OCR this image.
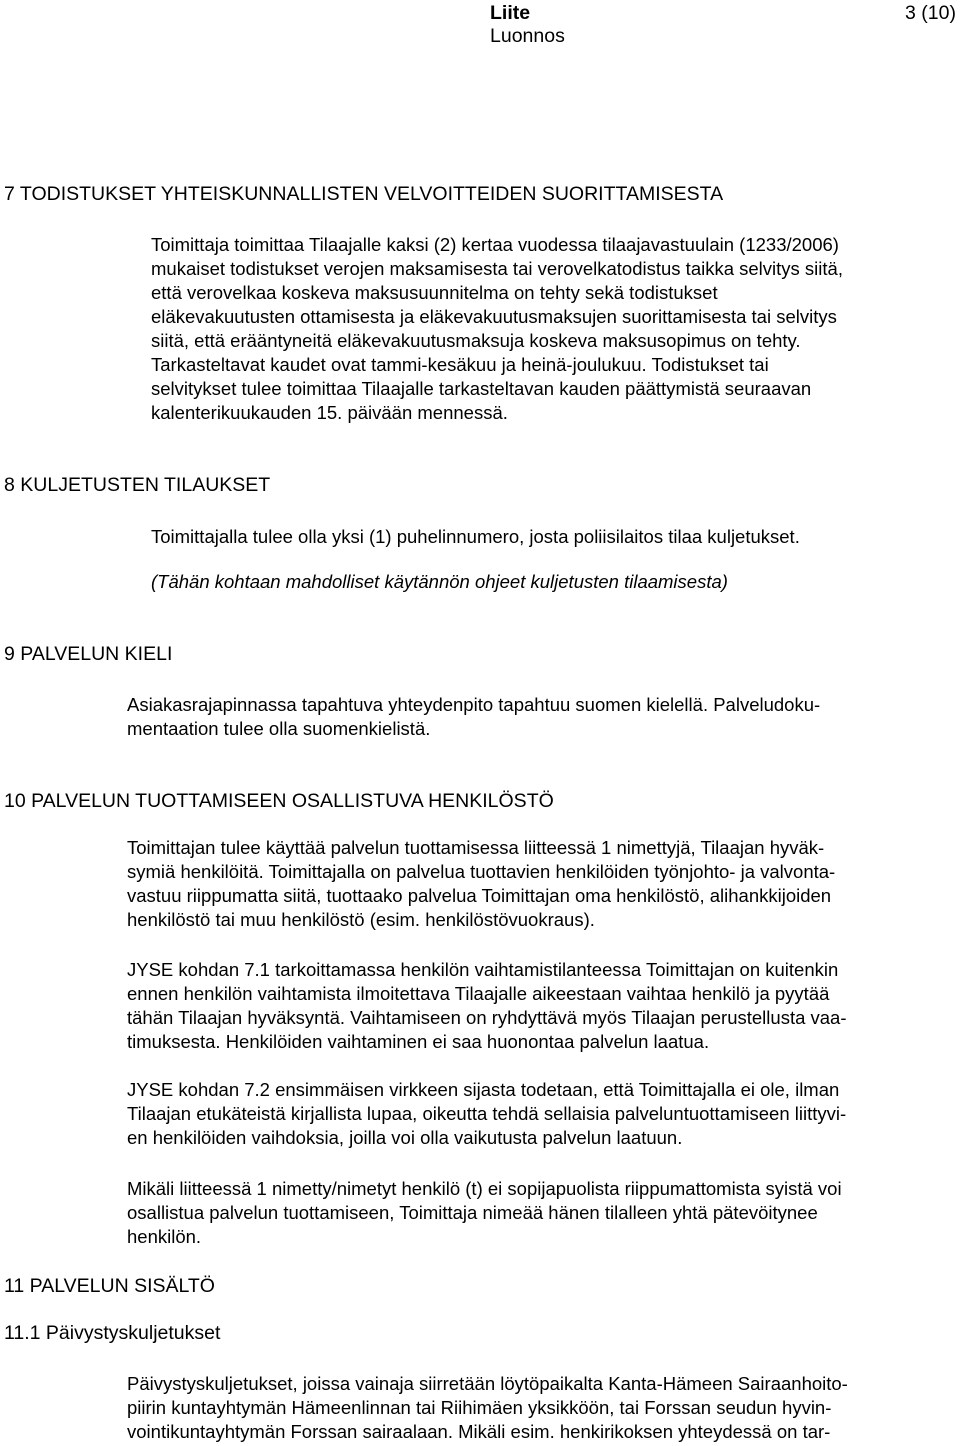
Liite
Luonnos
3 (10)
7 TODISTUKSET YHTEISKUNNALLISTEN VELVOITTEIDEN SUORITTAMISESTA
Toimittaja toimittaa Tilaajalle kaksi (2) kertaa vuodessa tilaajavastuulain (1233/2006)
mukaiset todistukset verojen maksamisesta tai verovelkatodistus taikka selvitys siitä,
että verovelkaa koskeva maksusuunnitelma on tehty sekä todistukset
eläkevakuutusten ottamisesta ja eläkevakuutusmaksujen suorittamisesta tai selvitys
siitä, että erääntyneitä eläkevakuutusmaksuja koskeva maksusopimus on tehty.
Tarkasteltavat kaudet ovat tammi-kesäkuu ja heinä-joulukuu. Todistukset tai
selvitykset tulee toimittaa Tilaajalle tarkasteltavan kauden päättymistä seuraavan
kalenterikuukauden 15. päivään mennessä.
8 KULJETUSTEN TILAUKSET
Toimittajalla tulee olla yksi (1) puhelinnumero, josta poliisilaitos tilaa kuljetukset.
(Tähän kohtaan mahdolliset käytännön ohjeet kuljetusten tilaamisesta)
9 PALVELUN KIELI
Asiakasrajapinnassa tapahtuva yhteydenpito tapahtuu suomen kielellä. Palveludoku-
mentaation tulee olla suomenkielistä.
10 PALVELUN TUOTTAMISEEN OSALLISTUVA HENKILÖSTÖ
Toimittajan tulee käyttää palvelun tuottamisessa liitteessä 1 nimettyjä, Tilaajan hyväk-
symiä henkilöitä. Toimittajalla on palvelua tuottavien henkilöiden työnjohto- ja valvonta-
vastuu riippumatta siitä, tuottaako palvelua Toimittajan oma henkilöstö, alihankkijoiden
henkilöstö tai muu henkilöstö (esim. henkilöstövuokraus).
JYSE kohdan 7.1 tarkoittamassa henkilön vaihtamistilanteessa Toimittajan on kuitenkin
ennen henkilön vaihtamista ilmoitettava Tilaajalle aikeestaan vaihtaa henkilö ja pyytää
tähän Tilaajan hyväksyntä. Vaihtamiseen on ryhdyttävä myös Tilaajan perustellusta vaa-
timuksesta. Henkilöiden vaihtaminen ei saa huonontaa palvelun laatua.
JYSE kohdan 7.2 ensimmäisen virkkeen sijasta todetaan, että Toimittajalla ei ole, ilman
Tilaajan etukäteistä kirjallista lupaa, oikeutta tehdä sellaisia palveluntuottamiseen liittyvi-
en henkilöiden vaihdoksia, joilla voi olla vaikutusta palvelun laatuun.
Mikäli liitteessä 1 nimetty/nimetyt henkilö (t) ei sopijapuolista riippumattomista syistä voi
osallistua palvelun tuottamiseen, Toimittaja nimeää hänen tilalleen yhtä pätevöitynee
henkilön.
11 PALVELUN SISÄLTÖ
11.1 Päivystyskuljetukset
Päivystyskuljetukset, joissa vainaja siirretään löytöpaikalta Kanta-Hämeen Sairaanhoito-
piirin kuntayhtymän Hämeenlinnan tai Riihimäen yksikköön, tai Forssan seudun hyvin-
vointikuntayhtymän Forssan sairaalaan. Mikäli esim. henkirikoksen yhteydessä on tar-
